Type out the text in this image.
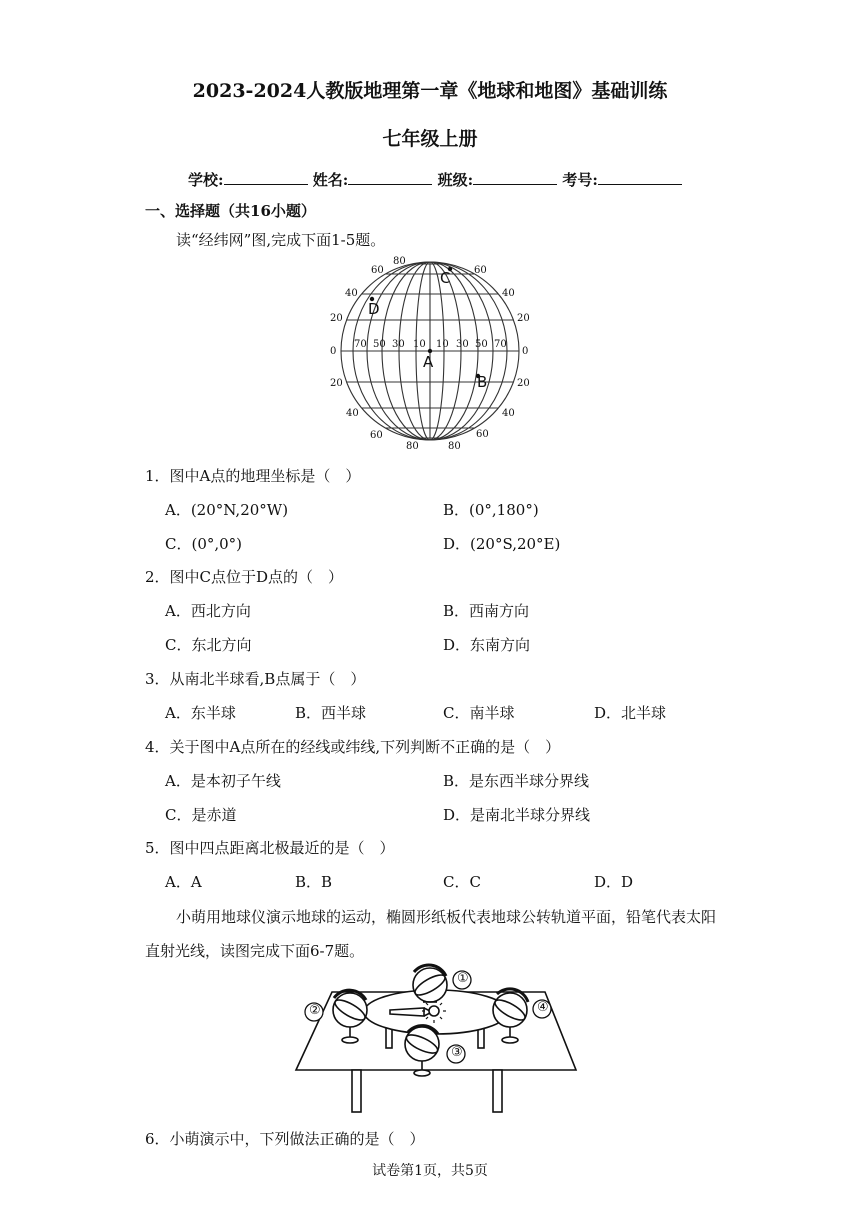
2023-2024人教版地理第一章《地球和地图》基础训练
七年级上册
学校:	姓名:	班级:	考号:
一、选择题（共16小题）
读“经纬网”图,完成下面1-5题。
80
60	60
40	40
20	20
0	0
20	20
40	40
60	60
80	80
70 50 30 10 10 30 50 70
A
B
C
D
1．图中A点的地理坐标是（　）
A．(20°N,20°W)	B．(0°,180°)
C．(0°,0°)	D．(20°S,20°E)
2．图中C点位于D点的（　）
A．西北方向	B．西南方向
C．东北方向	D．东南方向
3．从南北半球看,B点属于（　）
A．东半球	B．西半球	C．南半球	D．北半球
4．关于图中A点所在的经线或纬线,下列判断不正确的是（　）
A．是本初子午线	B．是东西半球分界线
C．是赤道	D．是南北半球分界线
5．图中四点距离北极最近的是（　）
A．A	B．B	C．C	D．D
小萌用地球仪演示地球的运动，椭圆形纸板代表地球公转轨道平面，铅笔代表太阳
直射光线，读图完成下面6-7题。
①
②
③
④
6．小萌演示中，下列做法正确的是（　）
试卷第1页，共5页
